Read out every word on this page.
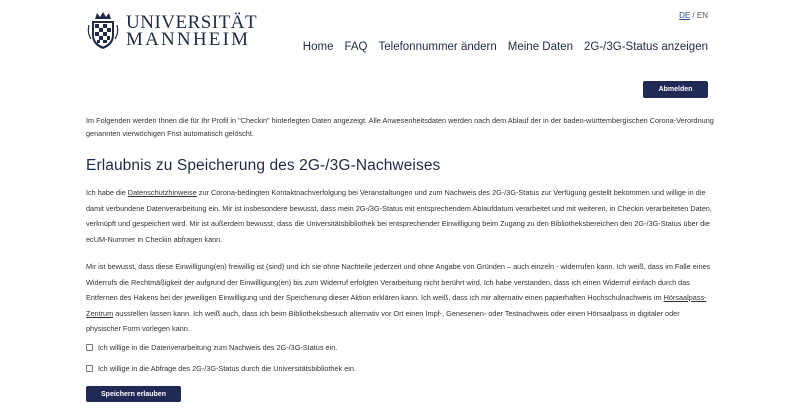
UNIVERSITÄT
MANNHEIM
DE / EN
Home FAQ Telefonnummer ändern Meine Daten 2G-/3G-Status anzeigen
Abmelden

Im Folgenden werden Ihnen die für Ihr Profil in "Checkin" hinterlegten Daten angezeigt. Alle Anwesenheitsdaten werden nach dem Ablauf der in der baden-württembergischen Corona-Verordnung genannten vierwöchigen Frist automatisch gelöscht.

Erlaubnis zu Speicherung des 2G-/3G-Nachweises

Ich habe die Datenschutzhinweise zur Corona-bedingten Kontaktnachverfolgung bei Veranstaltungen und zum Nachweis des 2G-/3G-Status zur Verfügung gestellt bekommen und willige in die damit verbundene Datenverarbeitung ein. Mir ist insbesondere bewusst, dass mein 2G-/3G-Status mit entsprechendem Ablaufdatum verarbeitet und mit weiteren, in Checkin verarbeiteten Daten, verknüpft und gespeichert wird. Mir ist außerdem bewusst, dass die Universitätsbibliothek bei entsprechender Einwilligung beim Zugang zu den Bibliotheksbereichen den 2G-/3G-Status über die ecUM-Nummer in Checkin abfragen kann.

Mir ist bewusst, dass diese Einwilligung(en) freiwillig ist (sind) und ich sie ohne Nachteile jederzeit und ohne Angabe von Gründen – auch einzeln - widerrufen kann. Ich weiß, dass im Falle eines Widerrufs die Rechtmäßigkeit der aufgrund der Einwilligung(en) bis zum Widerruf erfolgten Verarbeitung nicht berührt wird. Ich habe verstanden, dass ich einen Widerruf einfach durch das Entfernen des Hakens bei der jeweiligen Einwilligung und der Speicherung dieser Aktion erklären kann. Ich weiß, dass ich mir alternativ einen papierhaften Hochschulnachweis im Hörsaalpass-Zentrum ausstellen lassen kann. Ich weiß auch, dass ich beim Bibliotheksbesuch alternativ vor Ort einen Impf-, Genesenen- oder Testnachweis oder einen Hörsaalpass in digitaler oder physischer Form vorlegen kann.

Ich willige in die Datenverarbeitung zum Nachweis des 2G-/3G-Status ein.
Ich willige in die Abfrage des 2G-/3G-Status durch die Universitätsbibliothek ein.
Speichern erlauben
